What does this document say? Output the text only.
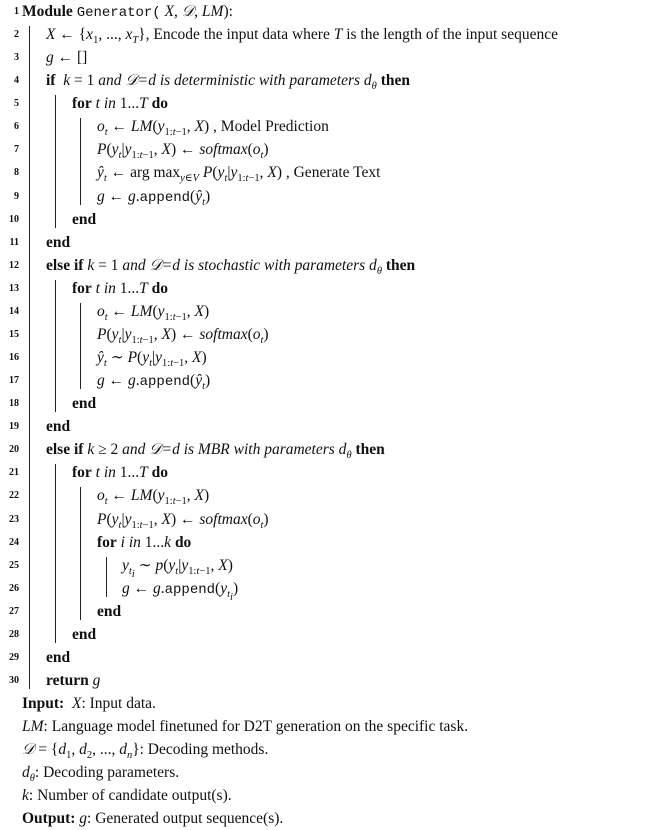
1 Module Generator( X, 𝒟, LM):
2 X ← {$x_1$, ..., $x_T$}, Encode the input data where T is the length of the input sequence
3 g ← []
4 if k = 1 and 𝒟=d is deterministic with parameters $d_\theta$ then
5	for t in 1...T do
6	$o_t$ ← $LM(y_{1:t-1}$, X) , Model Prediction
7	$P(y_t|y_{1:t-1}$, X) ← $softmax(o_t)$
8	$ŷ_t$ ← arg $\max_{y\in V} P(y_t|y_{1:t-1}$, X) , Generate Text
9	g ← $g.append(ŷ_t)$
10	end
11 end
12 else if k = 1 and 𝒟=d is stochastic with parameters $d_\theta$ then
13	for t in 1...T do
14	$o_t$ ← $LM(y_{1:t-1}$, X)
15	$P(y_t|y_{1:t-1}$, X) ← $softmax(o_t)$
16	$ŷ_t$ ∼ $P(y_t|y_{1:t-1}$, X)
17	g ← $g.append(ŷ_t)$
18	end
19 end
20 else if k ≥ 2 and 𝒟=d is MBR with parameters $d_\theta$ then
21	for t in 1...T do
22	$o_t$ ← $LM(y_{1:t-1}$, X)
23	$P(y_t|y_{1:t-1}$, X) ← $softmax(o_t)$
24	for i in 1...k do
25	$y_{t_i}$ ∼ $p(y_t|y_{1:t-1}$, X)
26	g ← $g.append(y_{t_i})$
27	end
28	end
29 end
30 return g
Input: X: Input data.
LM: Language model finetuned for D2T generation on the specific task.
𝒟 = {$d_1$, $d_2$, ..., $d_n$}: Decoding methods.
$d_\theta$: Decoding parameters.
k: Number of candidate output(s).
Output: g: Generated output sequence(s).
